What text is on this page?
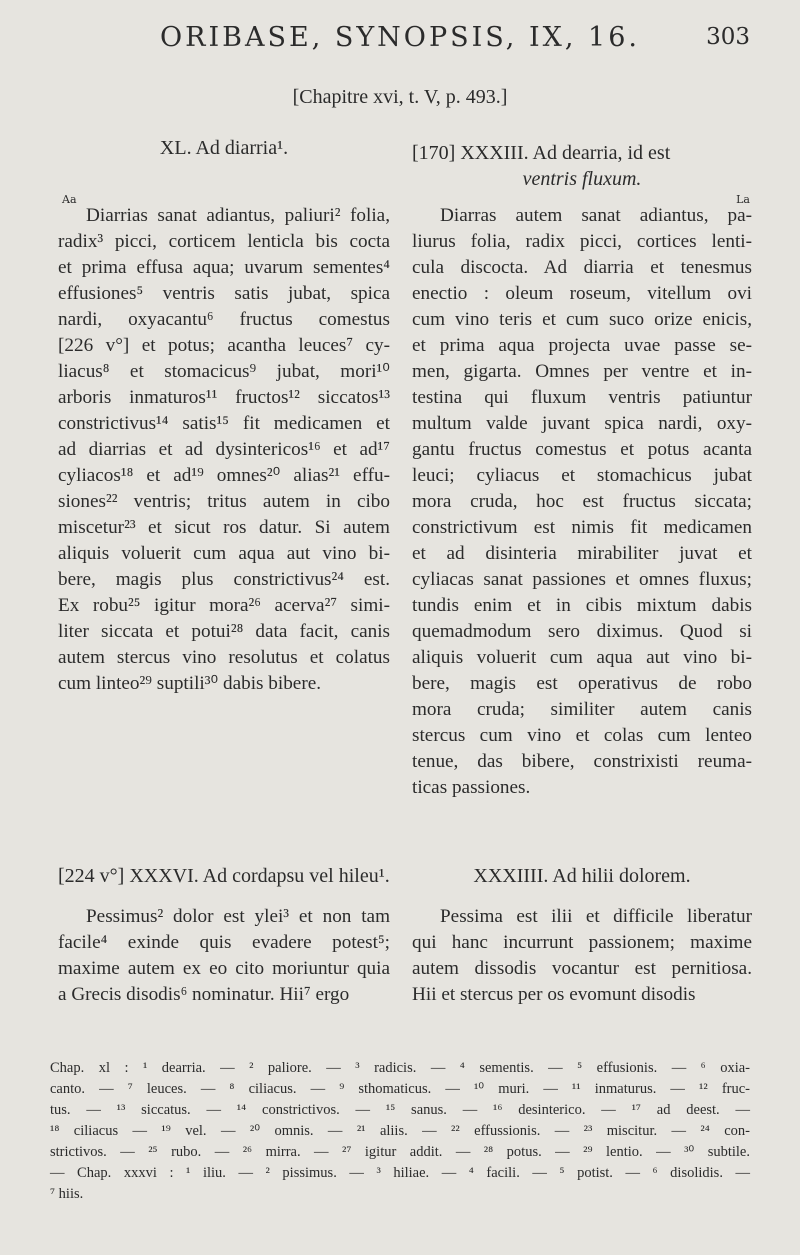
ORIBASE, SYNOPSIS, IX, 16.	303
[Chapitre xvi, t. V, p. 493.]
XL. Ad diarria¹.
Aa
Diarrias sanat adiantus, paliuri² folia,
radix³ picci, corticem lenticla bis cocta
et prima effusa aqua; uvarum sementes⁴
effusiones⁵ ventris satis jubat, spica
nardi, oxyacantu⁶ fructus comestus
[226 v°] et potus; acantha leuces⁷ cy-
liacus⁸ et stomacicus⁹ jubat, mori¹⁰
arboris inmaturos¹¹ fructos¹² siccatos¹³
constrictivus¹⁴ satis¹⁵ fit medicamen et
ad diarrias et ad dysintericos¹⁶ et ad¹⁷
cyliacos¹⁸ et ad¹⁹ omnes²⁰ alias²¹ effu-
siones²² ventris; tritus autem in cibo
miscetur²³ et sicut ros datur. Si autem
aliquis voluerit cum aqua aut vino bi-
bere, magis plus constrictivus²⁴ est.
Ex robu²⁵ igitur mora²⁶ acerva²⁷ simi-
liter siccata et potui²⁸ data facit, canis
autem stercus vino resolutus et colatus
cum linteo²⁹ suptili³⁰ dabis bibere.
[224 v°] XXXVI. Ad cordapsu vel hileu¹.
Pessimus² dolor est ylei³ et non tam
facile⁴ exinde quis evadere potest⁵;
maxime autem ex eo cito moriuntur quia
a Grecis disodis⁶ nominatur. Hii⁷ ergo
[170] XXXIII. Ad dearria, id est
ventris fluxum.
La
Diarras autem sanat adiantus, pa-
liurus folia, radix picci, cortices lenti-
cula discocta. Ad diarria et tenesmus
enectio : oleum roseum, vitellum ovi
cum vino teris et cum suco orize enicis,
et prima aqua projecta uvae passe se-
men, gigarta. Omnes per ventre et in-
testina qui fluxum ventris patiuntur
multum valde juvant spica nardi, oxy-
gantu fructus comestus et potus acanta
leuci; cyliacus et stomachicus jubat
mora cruda, hoc est fructus siccata;
constrictivum est nimis fit medicamen
et ad disinteria mirabiliter juvat et
cyliacas sanat passiones et omnes fluxus;
tundis enim et in cibis mixtum dabis
quemadmodum sero diximus. Quod si
aliquis voluerit cum aqua aut vino bi-
bere, magis est operativus de robo
mora cruda; similiter autem canis
stercus cum vino et colas cum lenteo
tenue, das bibere, constrixisti reuma-
ticas passiones.
XXXIIII. Ad hilii dolorem.
Pessima est ilii et difficile liberatur
qui hanc incurrunt passionem; maxime
autem dissodis vocantur est pernitiosa.
Hii et stercus per os evomunt disodis
Chap. xl : ¹ dearria. — ² paliore. — ³ radicis. — ⁴ sementis. — ⁵ effusionis. — ⁶ oxia-
canto. — ⁷ leuces. — ⁸ ciliacus. — ⁹ sthomaticus. — ¹⁰ muri. — ¹¹ inmaturus. — ¹² fruc-
tus. — ¹³ siccatus. — ¹⁴ constrictivos. — ¹⁵ sanus. — ¹⁶ desinterico. — ¹⁷ ad deest. —
¹⁸ ciliacus — ¹⁹ vel. — ²⁰ omnis. — ²¹ aliis. — ²² effussionis. — ²³ miscitur. — ²⁴ con-
strictivos. — ²⁵ rubo. — ²⁶ mirra. — ²⁷ igitur addit. — ²⁸ potus. — ²⁹ lentio. — ³⁰ subtile.
— Chap. xxxvi : ¹ iliu. — ² pissimus. — ³ hiliae. — ⁴ facili. — ⁵ potist. — ⁶ disolidis. —
⁷ hiis.
